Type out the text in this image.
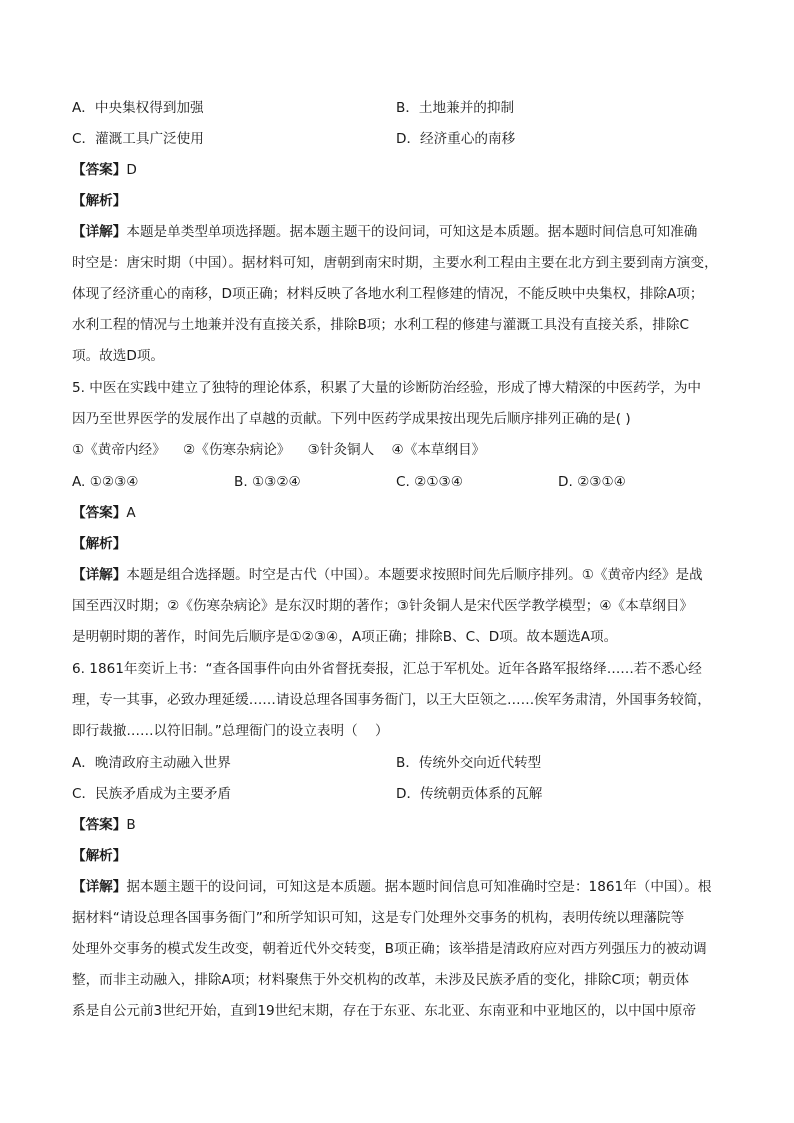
A．中央集权得到加强	B．土地兼并的抑制
C．灌溉工具广泛使用	D．经济重心的南移
【答案】D
【解析】
【详解】本题是单类型单项选择题。据本题主题干的设问词，可知这是本质题。据本题时间信息可知准确
时空是：唐宋时期（中国）。据材料可知，唐朝到南宋时期，主要水利工程由主要在北方到主要到南方演变，
体现了经济重心的南移，D项正确；材料反映了各地水利工程修建的情况，不能反映中央集权，排除A项；
水利工程的情况与土地兼并没有直接关系，排除B项；水利工程的修建与灌溉工具没有直接关系，排除C
项。故选D项。
5. 中医在实践中建立了独特的理论体系，积累了大量的诊断防治经验，形成了博大精深的中医药学，为中
因乃至世界医学的发展作出了卓越的贡献。下列中医药学成果按出现先后顺序排列正确的是( )
①《黄帝内经》    ②《伤寒杂病论》    ③针灸铜人    ④《本草纲目》
A. ①②③④	B. ①③②④	C. ②①③④	D. ②③①④
【答案】A
【解析】
【详解】本题是组合选择题。时空是古代（中国）。本题要求按照时间先后顺序排列。①《黄帝内经》是战
国至西汉时期；②《伤寒杂病论》是东汉时期的著作；③针灸铜人是宋代医学教学模型；④《本草纲目》
是明朝时期的著作，时间先后顺序是①②③④，A项正确；排除B、C、D项。故本题选A项。
6. 1861年奕䜣上书：“查各国事件向由外省督抚奏报，汇总于军机处。近年各路军报络绎……若不悉心经
理，专一其事，必致办理延缓……请设总理各国事务衙门，以王大臣领之……俟军务肃清，外国事务较简，
即行裁撤……以符旧制。”总理衙门的设立表明（    ）
A．晚清政府主动融入世界	B．传统外交向近代转型
C．民族矛盾成为主要矛盾	D．传统朝贡体系的瓦解
【答案】B
【解析】
【详解】据本题主题干的设问词，可知这是本质题。据本题时间信息可知准确时空是：1861年（中国）。根
据材料“请设总理各国事务衙门”和所学知识可知，这是专门处理外交事务的机构，表明传统以理藩院等
处理外交事务的模式发生改变，朝着近代外交转变，B项正确；该举措是清政府应对西方列强压力的被动调
整，而非主动融入，排除A项；材料聚焦于外交机构的改革，未涉及民族矛盾的变化，排除C项；朝贡体
系是自公元前3世纪开始，直到19世纪末期，存在于东亚、东北亚、东南亚和中亚地区的，以中国中原帝
